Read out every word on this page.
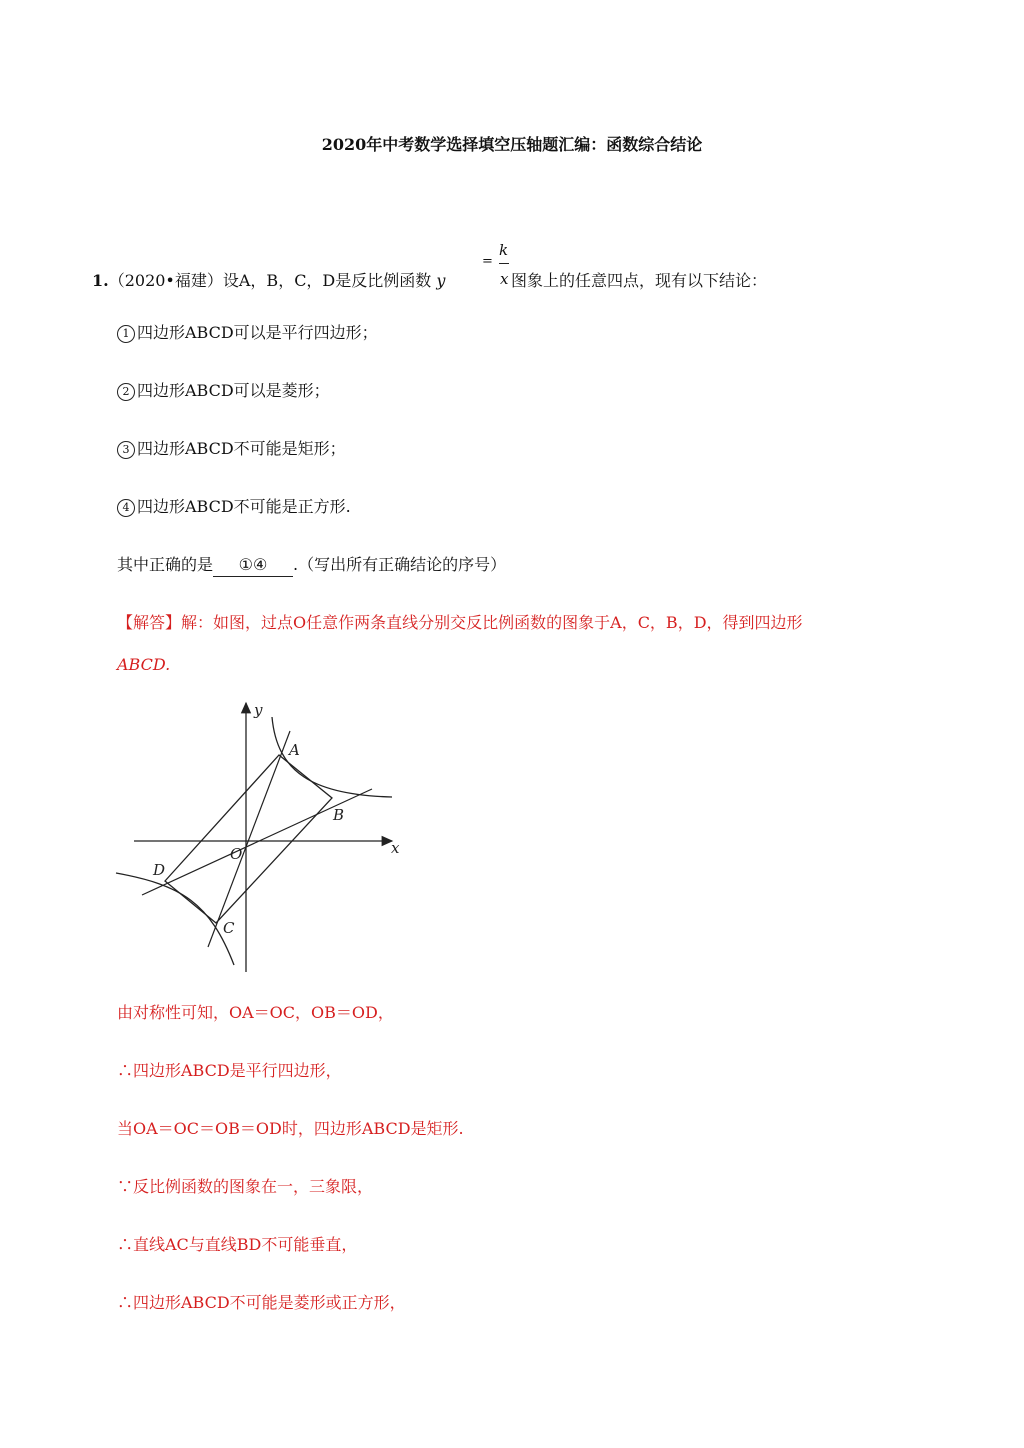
2020年中考数学选择填空压轴题汇编：函数综合结论
1.（2020•福建）设A，B，C，D是反比例函数 y
=
k
x 图象上的任意四点，现有以下结论：
1 四边形ABCD可以是平行四边形；
2 四边形ABCD可以是菱形；
3 四边形ABCD不可能是矩形；
4 四边形ABCD不可能是正方形.
其中正确的是 ①④ .（写出所有正确结论的序号）
【解答】解：如图，过点O任意作两条直线分别交反比例函数的图象于A，C，B，D，得到四边形
ABCD.
y
x
A
B
C
D
O
由对称性可知，OA＝OC，OB＝OD，
∴四边形ABCD是平行四边形，
当OA＝OC＝OB＝OD时，四边形ABCD是矩形.
∵反比例函数的图象在一，三象限，
∴直线AC与直线BD不可能垂直，
∴四边形ABCD不可能是菱形或正方形，
